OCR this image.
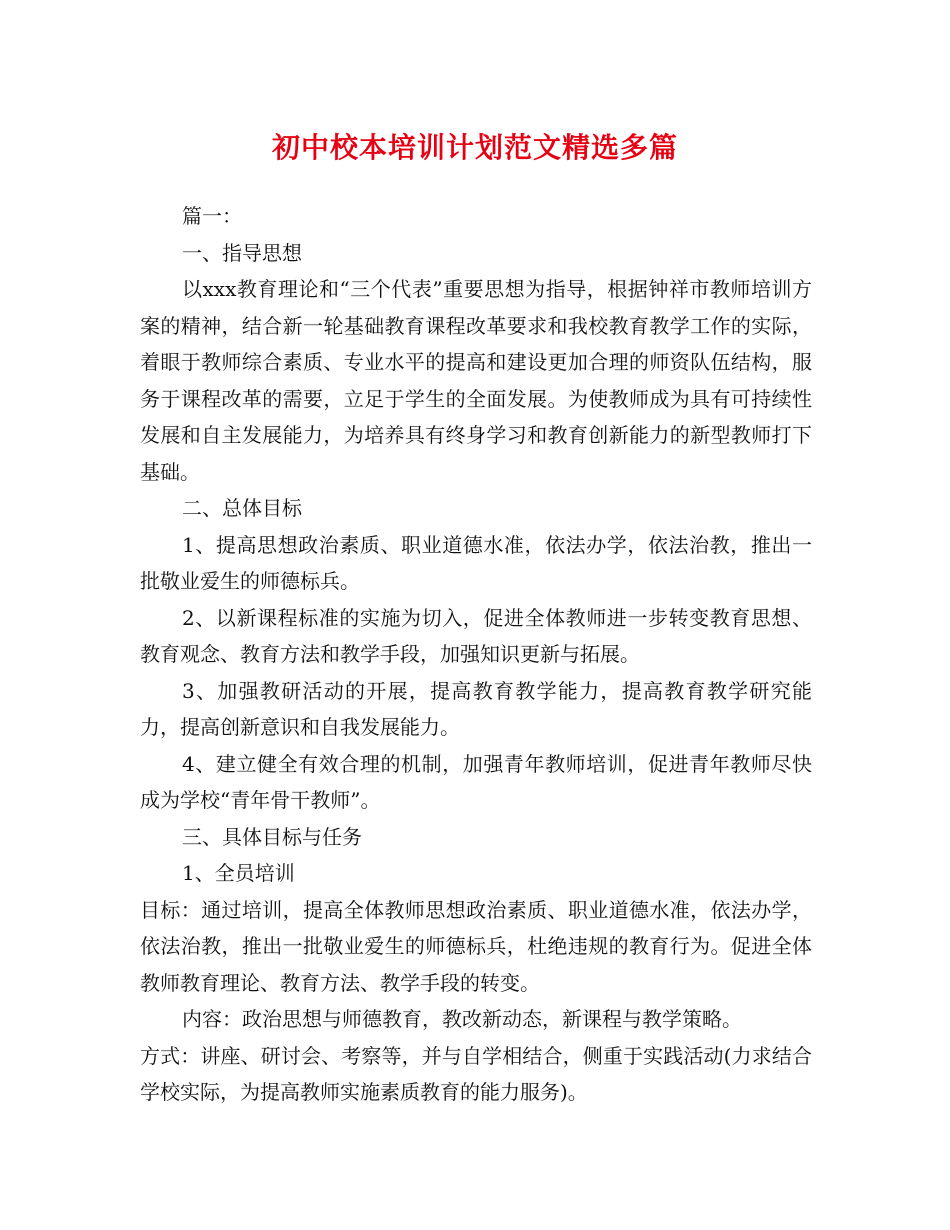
初中校本培训计划范文精选多篇

篇一：

一、指导思想

以xxx教育理论和“三个代表”重要思想为指导，根据钟祥市教师培训方案的精神，结合新一轮基础教育课程改革要求和我校教育教学工作的实际，着眼于教师综合素质、专业水平的提高和建设更加合理的师资队伍结构，服务于课程改革的需要，立足于学生的全面发展。为使教师成为具有可持续性发展和自主发展能力，为培养具有终身学习和教育创新能力的新型教师打下基础。

二、总体目标

1、提高思想政治素质、职业道德水准，依法办学，依法治教，推出一批敬业爱生的师德标兵。

2、以新课程标准的实施为切入，促进全体教师进一步转变教育思想、教育观念、教育方法和教学手段，加强知识更新与拓展。

3、加强教研活动的开展，提高教育教学能力，提高教育教学研究能力，提高创新意识和自我发展能力。

4、建立健全有效合理的机制，加强青年教师培训，促进青年教师尽快成为学校“青年骨干教师”。

三、具体目标与任务

1、全员培训

目标：通过培训，提高全体教师思想政治素质、职业道德水准，依法办学，依法治教，推出一批敬业爱生的师德标兵，杜绝违规的教育行为。促进全体教师教育理论、教育方法、教学手段的转变。

内容：政治思想与师德教育，教改新动态，新课程与教学策略。

方式：讲座、研讨会、考察等，并与自学相结合，侧重于实践活动(力求结合学校实际，为提高教师实施素质教育的能力服务)。
